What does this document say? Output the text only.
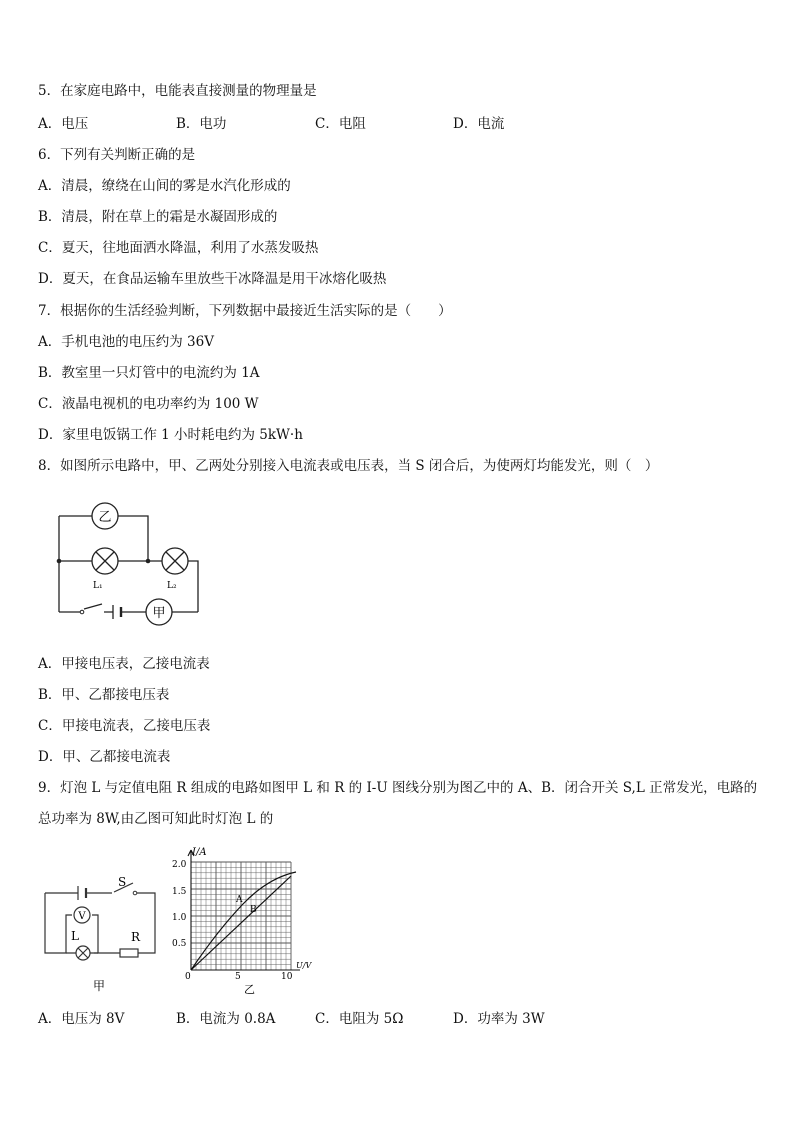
5．在家庭电路中，电能表直接测量的物理量是
A．电压	B．电功	C．电阻	D．电流
6．下列有关判断正确的是
A．清晨，缭绕在山间的雾是水汽化形成的
B．清晨，附在草上的霜是水凝固形成的
C．夏天，往地面洒水降温，利用了水蒸发吸热
D．夏天，在食品运输车里放些干冰降温是用干冰熔化吸热
7．根据你的生活经验判断，下列数据中最接近生活实际的是（　　）
A．手机电池的电压约为 36V
B．教室里一只灯管中的电流约为 1A
C．液晶电视机的电功率约为 100 W
D．家里电饭锅工作 1 小时耗电约为 5kW·h
8．如图所示电路中，甲、乙两处分别接入电流表或电压表，当 S 闭合后，为使两灯均能发光，则（　）
乙
甲
L₁	L₂
A．甲接电压表，乙接电流表
B．甲、乙都接电压表
C．甲接电流表，乙接电压表
D．甲、乙都接电流表
9．灯泡 L 与定值电阻 R 组成的电路如图甲 L 和 R 的 I-U 图线分别为图乙中的 A、B．闭合开关 S,L 正常发光，电路的
总功率为 8W,由乙图可知此时灯泡 L 的
S
V
L	R
甲
I/A
U/V
2.0
1.5
1.0
0.5
0	5	10
A
B
乙
A．电压为 8V	B．电流为 0.8A	C．电阻为 5Ω	D．功率为 3W
